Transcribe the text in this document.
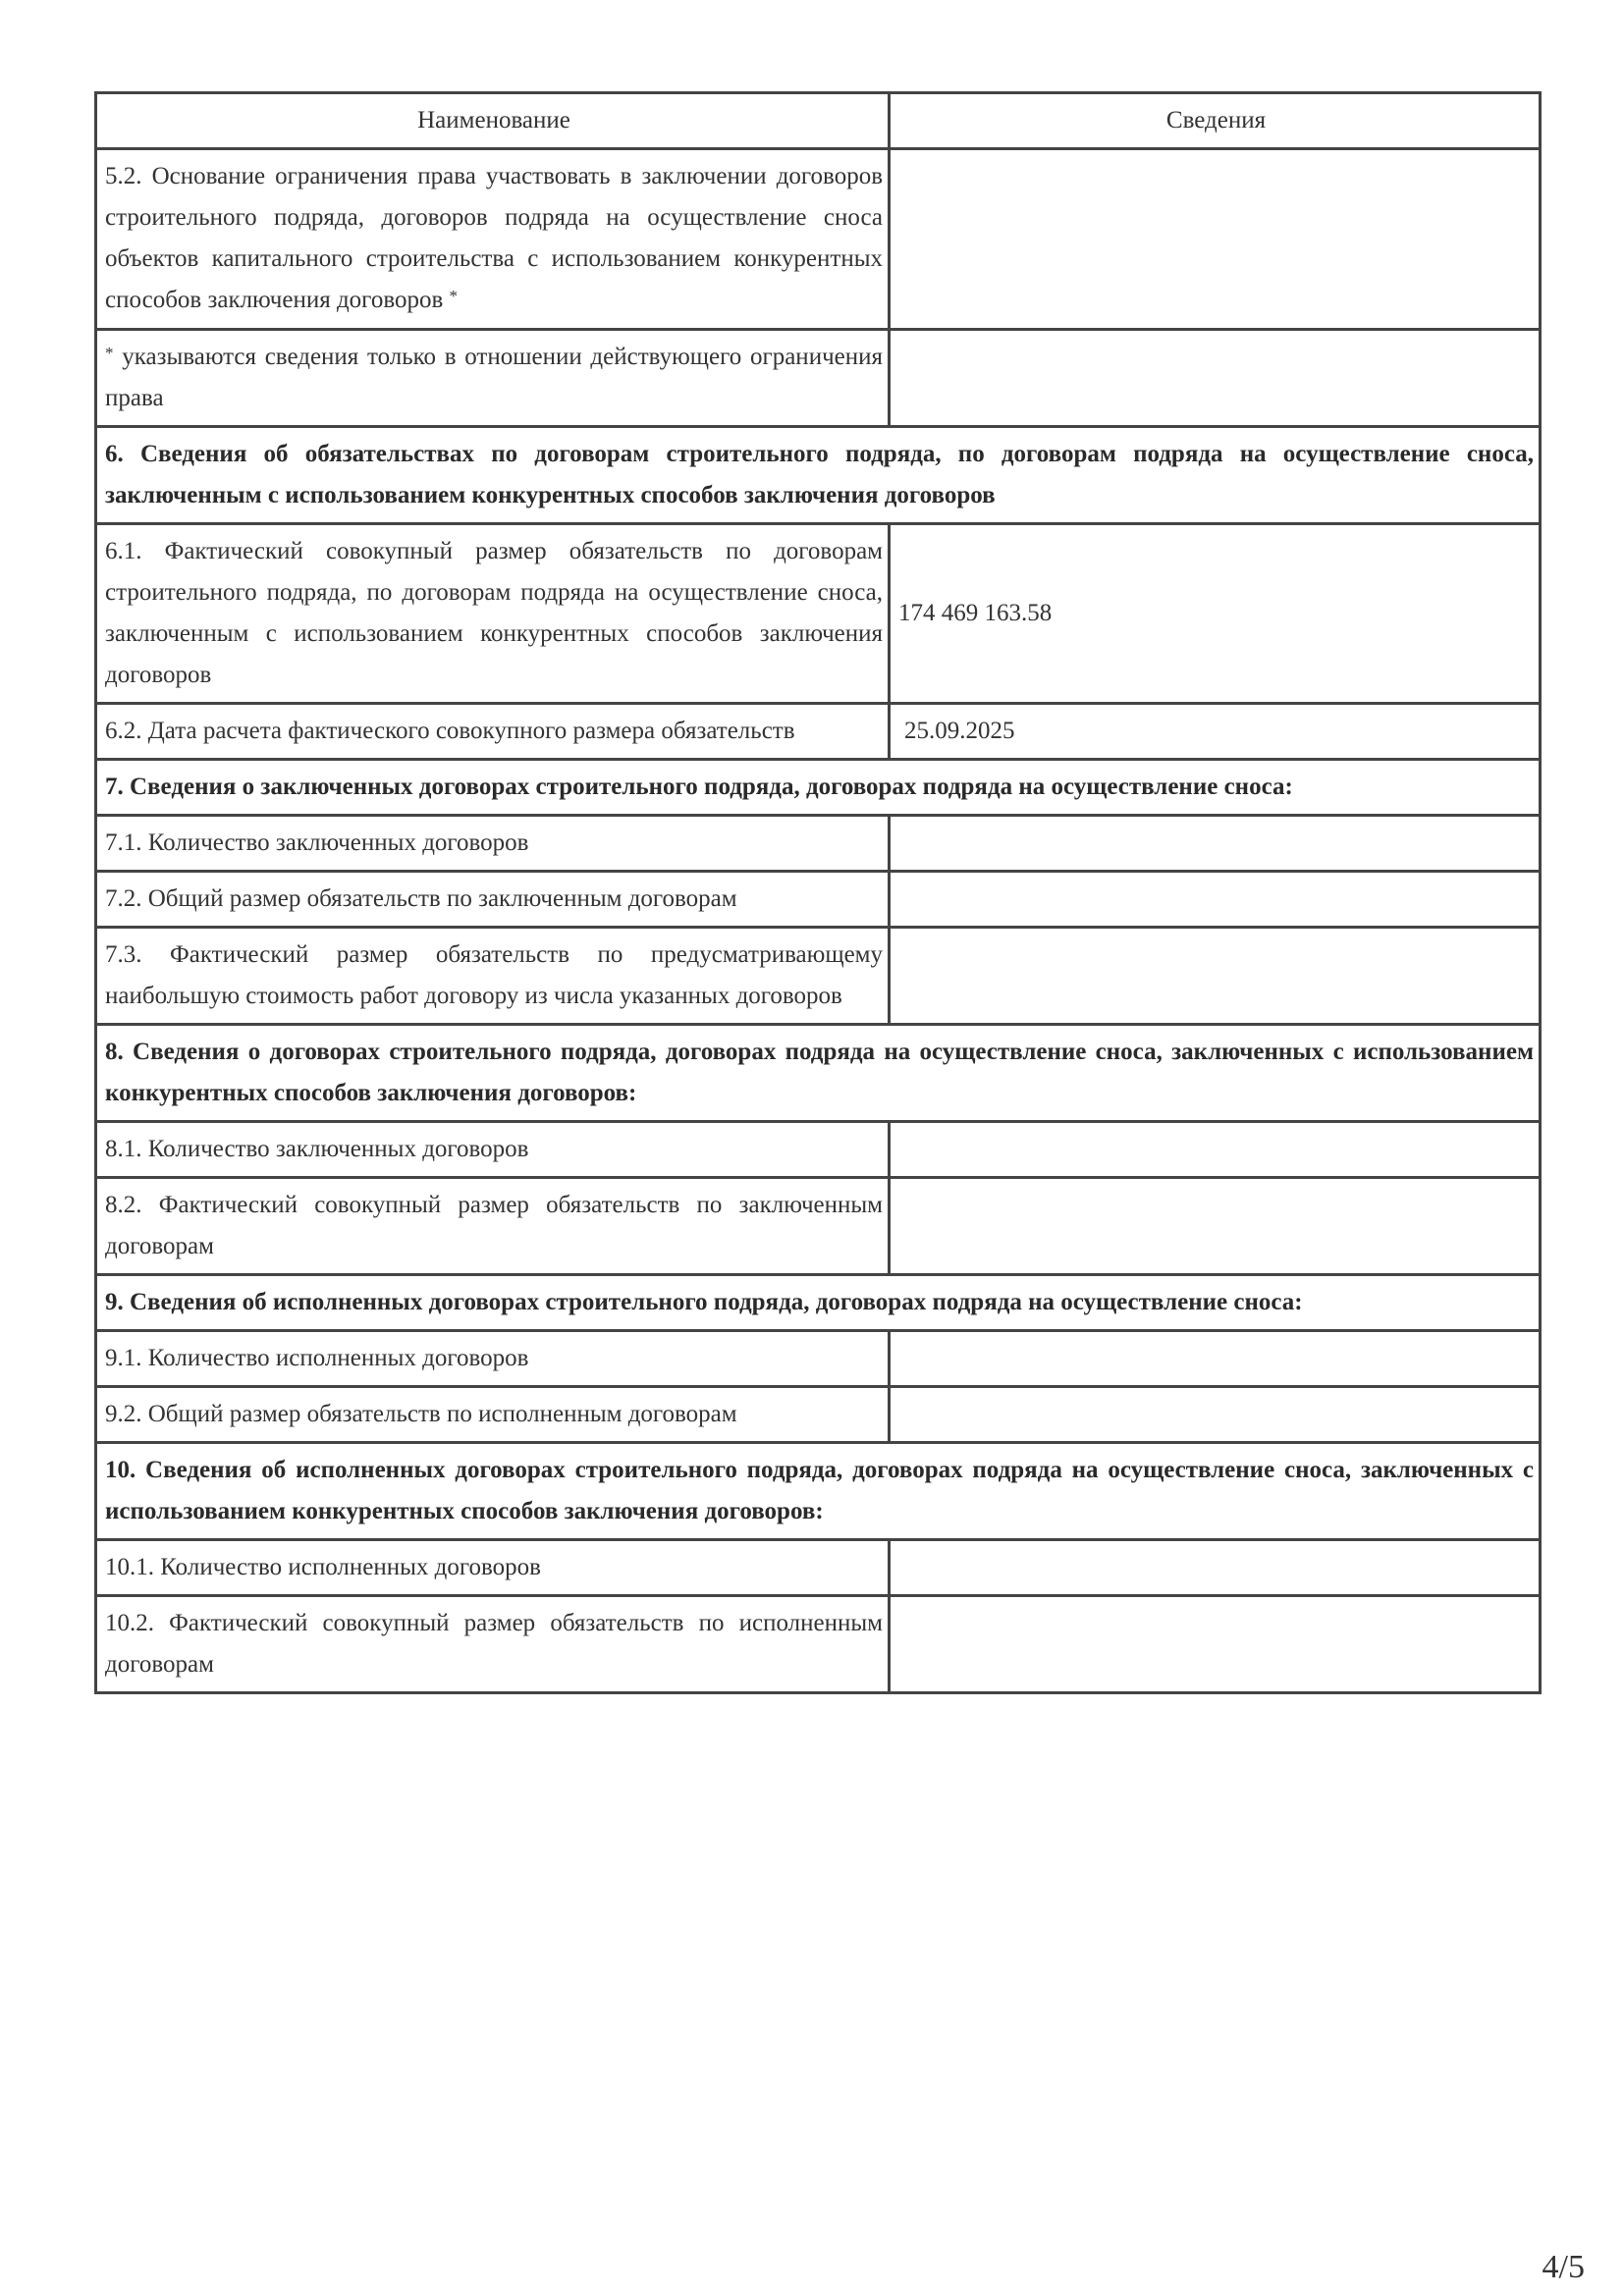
Наименование	Сведения
5.2. Основание ограничения права участвовать в заключении договоров строительного подряда, договоров подряда на осуществление сноса объектов капитального строительства с использованием конкурентных способов заключения договоров *	
* указываются сведения только в отношении действующего ограничения права	
6. Сведения об обязательствах по договорам строительного подряда, по договорам подряда на осуществление сноса, заключенным с использованием конкурентных способов заключения договоров	
6.1. Фактический совокупный размер обязательств по договорам строительного подряда, по договорам подряда на осуществление сноса, заключенным с использованием конкурентных способов заключения договоров	174 469 163.58
6.2. Дата расчета фактического совокупного размера обязательств	25.09.2025
7. Сведения о заключенных договорах строительного подряда, договорах подряда на осуществление сноса:	
7.1. Количество заключенных договоров	
7.2. Общий размер обязательств по заключенным договорам	
7.3. Фактический размер обязательств по предусматривающему наибольшую стоимость работ договору из числа указанных договоров	
8. Сведения о договорах строительного подряда, договорах подряда на осуществление сноса, заключенных с использованием конкурентных способов заключения договоров:	
8.1. Количество заключенных договоров	
8.2. Фактический совокупный размер обязательств по заключенным договорам	
9. Сведения об исполненных договорах строительного подряда, договорах подряда на осуществление сноса:	
9.1. Количество исполненных договоров	
9.2. Общий размер обязательств по исполненным договорам	
10. Сведения об исполненных договорах строительного подряда, договорах подряда на осуществление сноса, заключенных с использованием конкурентных способов заключения договоров:	
10.1. Количество исполненных договоров	
10.2. Фактический совокупный размер обязательств по исполненным договорам	
4/5
